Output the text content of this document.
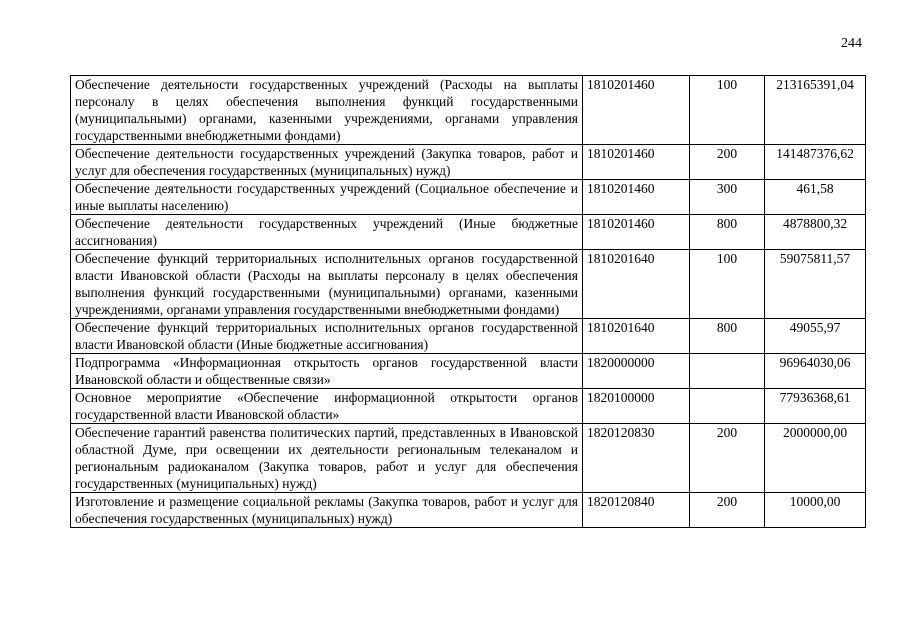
244
Обеспечение деятельности государственных учреждений (Расходы на выплаты персоналу в целях обеспечения выполнения функций государственными (муниципальными) органами, казенными учреждениями, органами управления государственными внебюджетными фондами)	1810201460	100	213165391,04
Обеспечение деятельности государственных учреждений (Закупка товаров, работ и услуг для обеспечения государственных (муниципальных) нужд)	1810201460	200	141487376,62
Обеспечение деятельности государственных учреждений (Социальное обеспечение и иные выплаты населению)	1810201460	300	461,58
Обеспечение деятельности государственных учреждений (Иные бюджетные ассигнования)	1810201460	800	4878800,32
Обеспечение функций территориальных исполнительных органов государственной власти Ивановской области (Расходы на выплаты персоналу в целях обеспечения выполнения функций государственными (муниципальными) органами, казенными учреждениями, органами управления государственными внебюджетными фондами)	1810201640	100	59075811,57
Обеспечение функций территориальных исполнительных органов государственной власти Ивановской области (Иные бюджетные ассигнования)	1810201640	800	49055,97
Подпрограмма «Информационная открытость органов государственной власти Ивановской области и общественные связи»	1820000000		96964030,06
Основное мероприятие «Обеспечение информационной открытости органов государственной власти Ивановской области»	1820100000		77936368,61
Обеспечение гарантий равенства политических партий, представленных в Ивановской областной Думе, при освещении их деятельности региональным телеканалом и региональным радиоканалом (Закупка товаров, работ и услуг для обеспечения государственных (муниципальных) нужд)	1820120830	200	2000000,00
Изготовление и размещение социальной рекламы (Закупка товаров, работ и услуг для обеспечения государственных (муниципальных) нужд)	1820120840	200	10000,00
